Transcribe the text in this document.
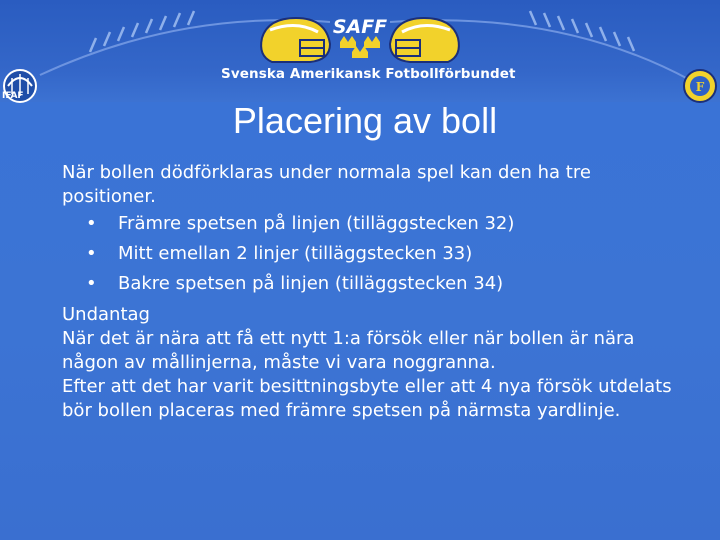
F
SAFF
Svenska Amerikansk Fotbollförbundet
IFAF
Placering av boll

När bollen dödförklaras under normala spel kan den ha tre positioner.

• Främre spetsen på linjen (tilläggstecken 32)
• Mitt emellan 2 linjer (tilläggstecken 33)
• Bakre spetsen på linjen (tilläggstecken 34)

Undantag

När det är nära att få ett nytt 1:a försök eller när bollen är nära någon av mållinjerna, måste vi vara noggranna.

Efter att det har varit besittningsbyte eller att 4 nya försök utdelats bör bollen placeras med främre spetsen på närmsta yardlinje.
